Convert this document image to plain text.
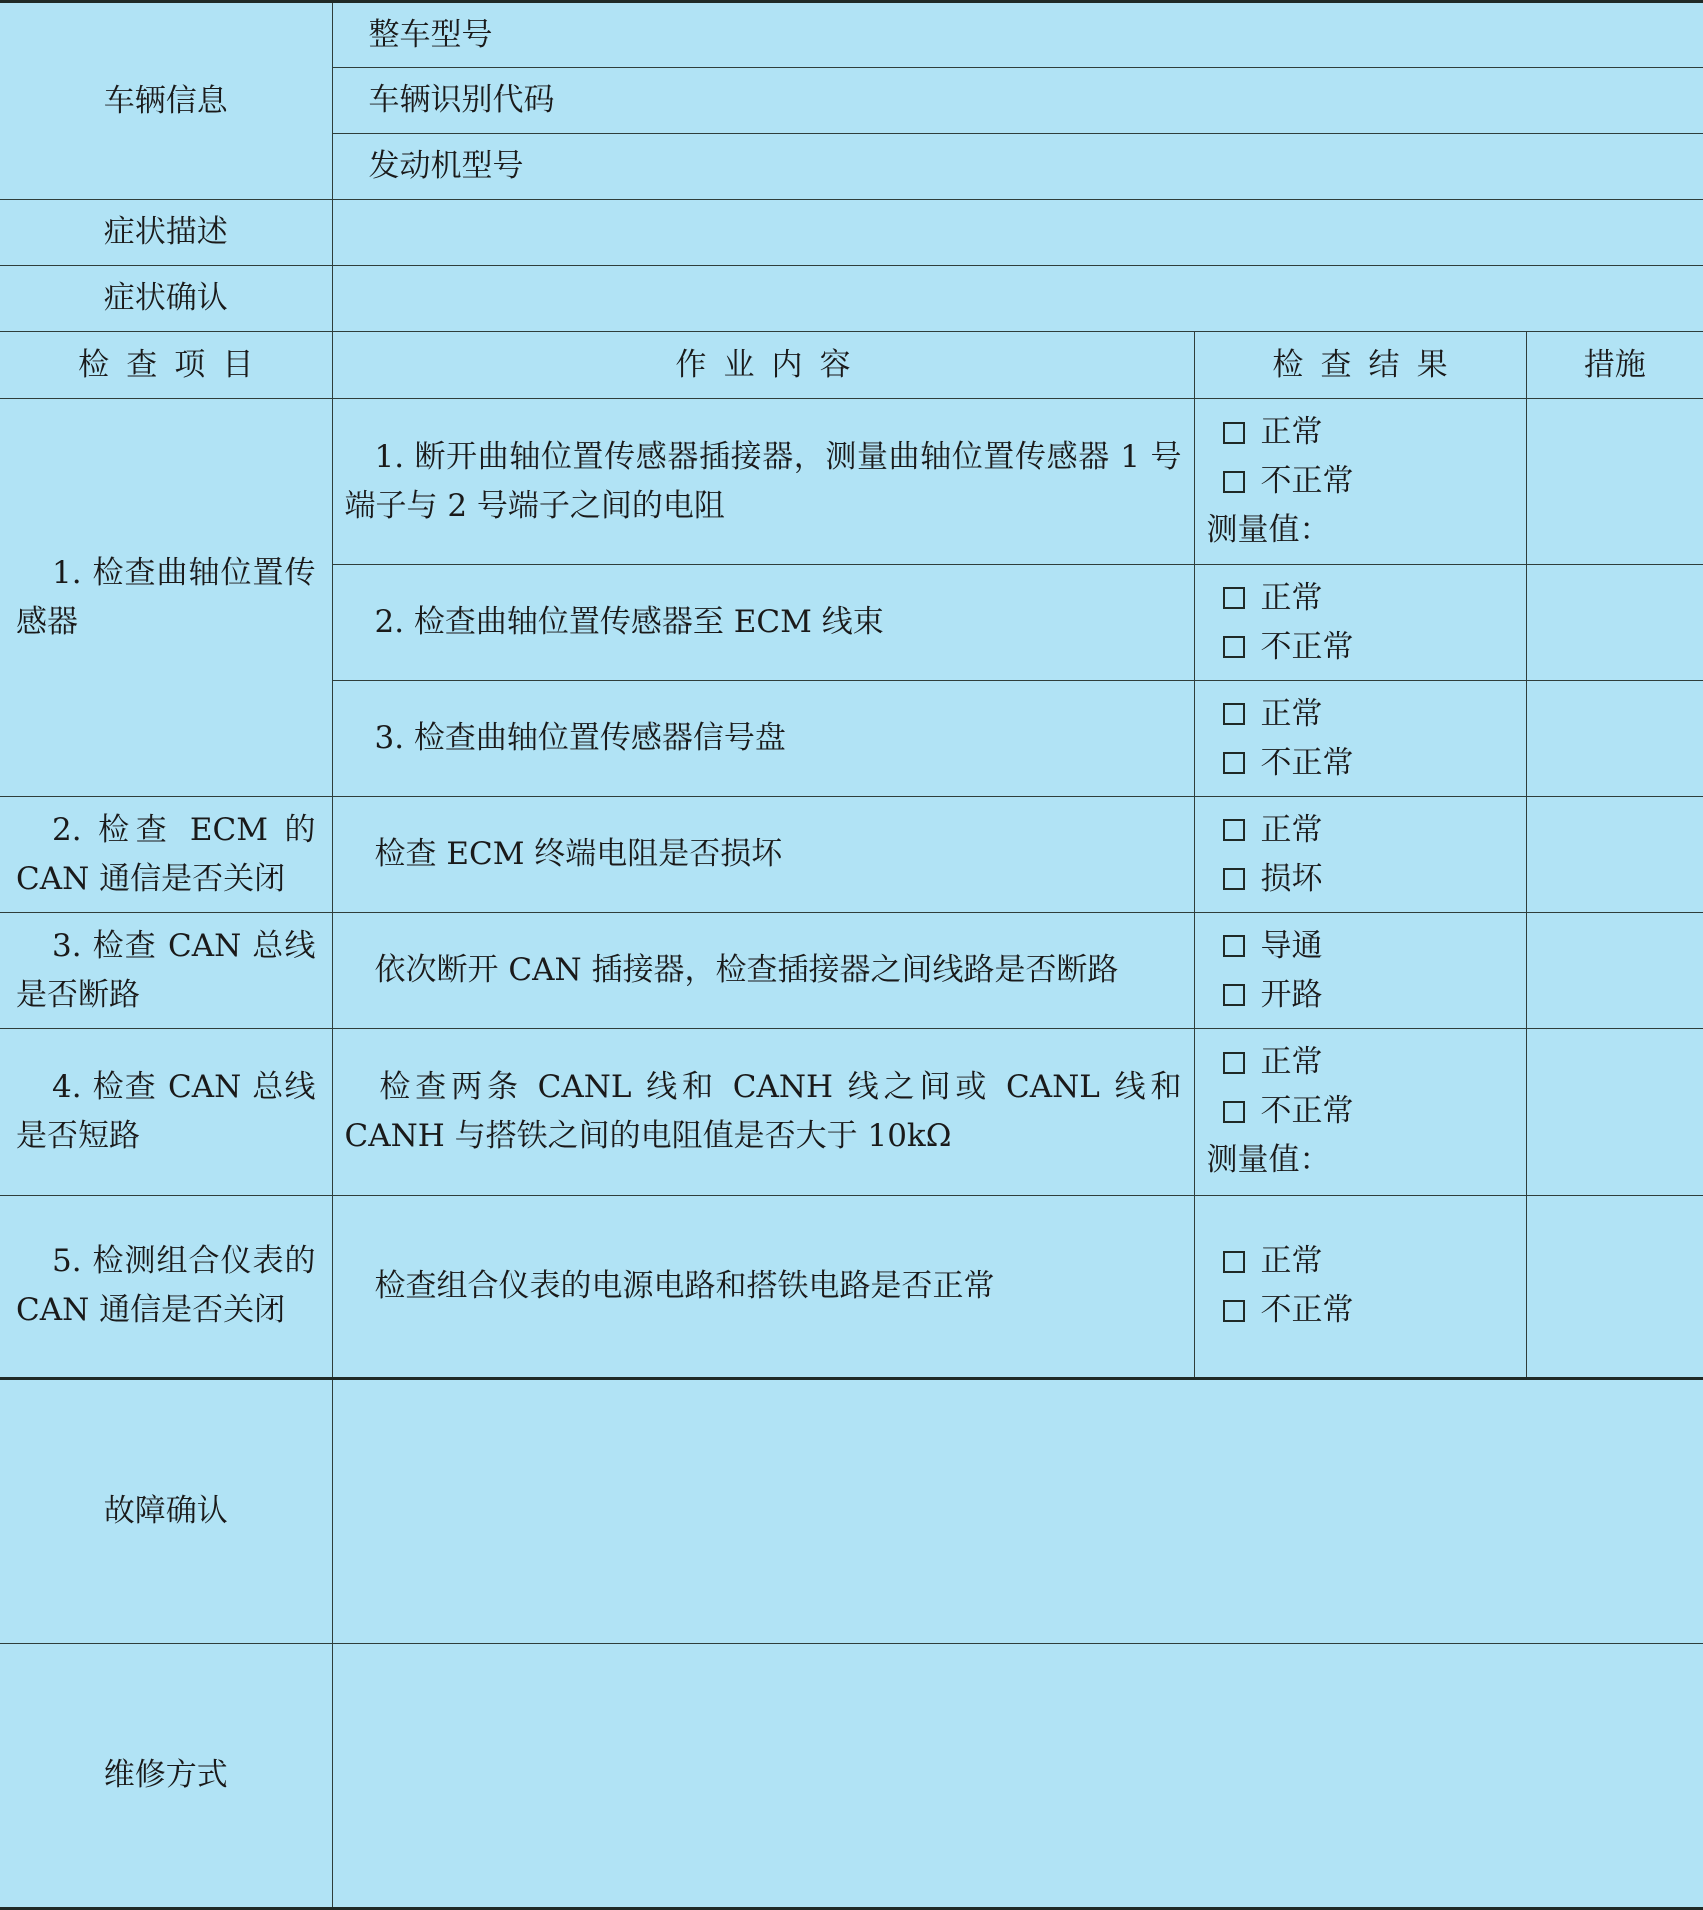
车辆信息	整车型号		
	车辆识别代码		
	发动机型号		
症状描述			
症状确认			
检查项目	作业内容	检查结果	措施
1. 检查曲轴位置传感器	1. 断开曲轴位置传感器插接器，测量曲轴位置传感器 1 号端子与 2 号端子之间的电阻	正常
不正常
测量值：	

	2. 检查曲轴位置传感器至 ECM 线束	正常
不正常	

	3. 检查曲轴位置传感器信号盘	正常
不正常	

2. 检查 ECM 的 CAN 通信是否关闭	检查 ECM 终端电阻是否损坏	正常
损坏	

3. 检查 CAN 总线是否断路	依次断开 CAN 插接器，检查插接器之间线路是否断路	导通
开路	

4. 检查 CAN 总线是否短路	检查两条 CANL 线和 CANH 线之间或 CANL 线和 CANH 与搭铁之间的电阻值是否大于 10kΩ	正常
不正常
测量值：	

5. 检测组合仪表的 CAN 通信是否关闭	检查组合仪表的电源电路和搭铁电路是否正常	正常
不正常	

故障确认			
维修方式			
